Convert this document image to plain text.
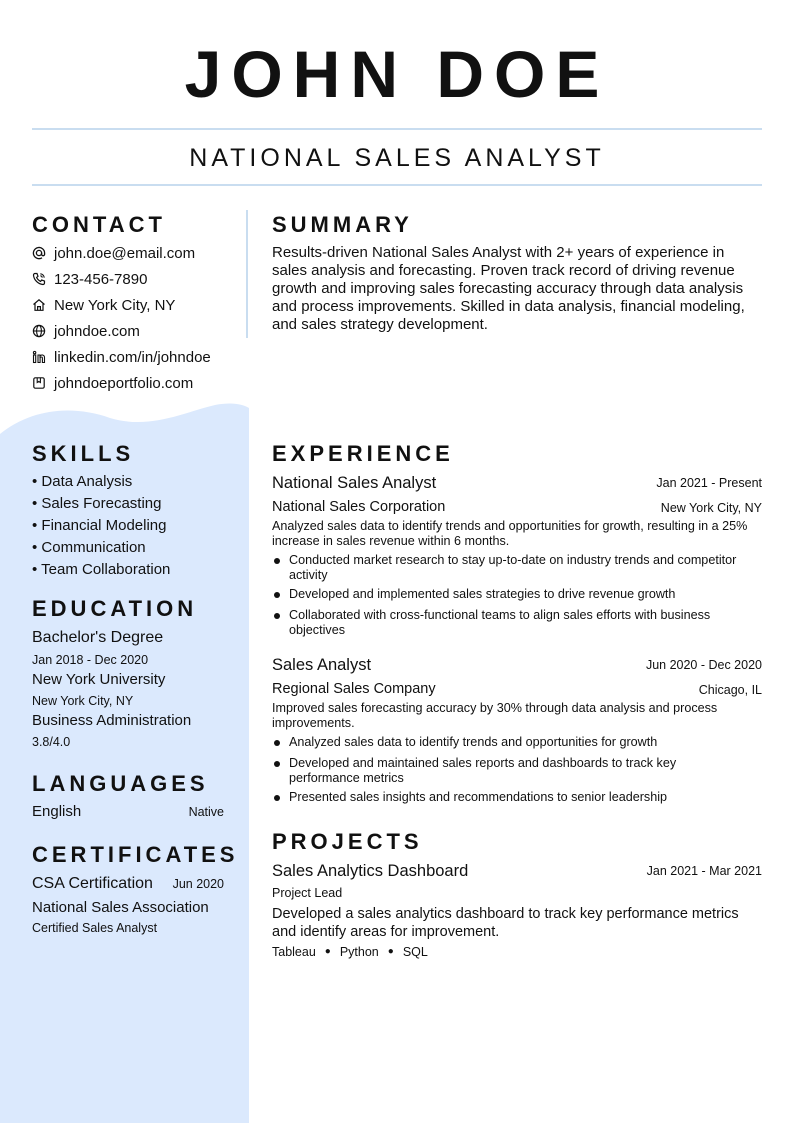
JOHN DOE
NATIONAL SALES ANALYST
CONTACT
john.doe@email.com
123-456-7890
New York City, NY
johndoe.com
linkedin.com/in/johndoe
johndoeportfolio.com
SUMMARY
Results-driven National Sales Analyst with 2+ years of experience in sales analysis and forecasting. Proven track record of driving revenue growth and improving sales forecasting accuracy through data analysis and process improvements. Skilled in data analysis, financial modeling, and sales strategy development.
SKILLS
• Data Analysis
• Sales Forecasting
• Financial Modeling
• Communication
• Team Collaboration
EDUCATION
Bachelor's Degree
Jan 2018 - Dec 2020
New York University
New York City, NY
Business Administration
3.8/4.0
LANGUAGES
English	Native
CERTIFICATES
CSA Certification	Jun 2020
National Sales Association
Certified Sales Analyst
EXPERIENCE
National Sales Analyst	Jan 2021 - Present
National Sales Corporation	New York City, NY
Analyzed sales data to identify trends and opportunities for growth, resulting in a 25% increase in sales revenue within 6 months.
Conducted market research to stay up-to-date on industry trends and competitor activity
Developed and implemented sales strategies to drive revenue growth
Collaborated with cross-functional teams to align sales efforts with business objectives
Sales Analyst	Jun 2020 - Dec 2020
Regional Sales Company	Chicago, IL
Improved sales forecasting accuracy by 30% through data analysis and process improvements.
Analyzed sales data to identify trends and opportunities for growth
Developed and maintained sales reports and dashboards to track key performance metrics
Presented sales insights and recommendations to senior leadership
PROJECTS
Sales Analytics Dashboard	Jan 2021 - Mar 2021
Project Lead
Developed a sales analytics dashboard to track key performance metrics and identify areas for improvement.
Tableau ● Python ● SQL
